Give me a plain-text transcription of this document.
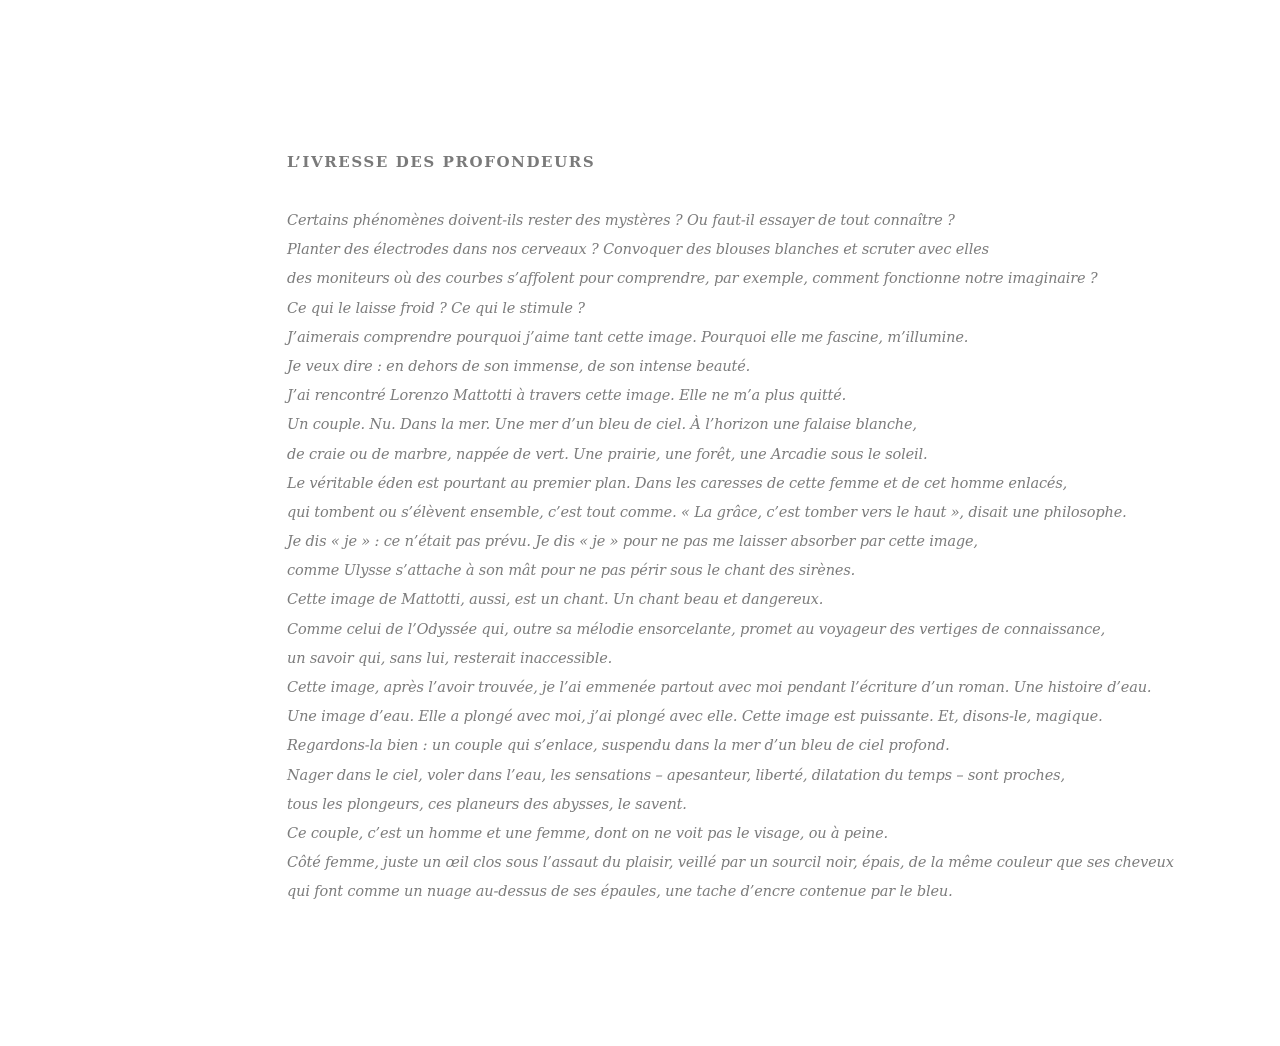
L’IVRESSE DES PROFONDEURS
Certains phénomènes doivent-ils rester des mystères ? Ou faut-il essayer de tout connaître ?
Planter des électrodes dans nos cerveaux ? Convoquer des blouses blanches et scruter avec elles
des moniteurs où des courbes s’affolent pour comprendre, par exemple, comment fonctionne notre imaginaire ?
Ce qui le laisse froid ? Ce qui le stimule ?
J’aimerais comprendre pourquoi j’aime tant cette image. Pourquoi elle me fascine, m’illumine.
Je veux dire : en dehors de son immense, de son intense beauté.
J’ai rencontré Lorenzo Mattotti à travers cette image. Elle ne m’a plus quitté.
Un couple. Nu. Dans la mer. Une mer d’un bleu de ciel. À l’horizon une falaise blanche,
de craie ou de marbre, nappée de vert. Une prairie, une forêt, une Arcadie sous le soleil.
Le véritable éden est pourtant au premier plan. Dans les caresses de cette femme et de cet homme enlacés,
qui tombent ou s’élèvent ensemble, c’est tout comme. « La grâce, c’est tomber vers le haut », disait une philosophe.
Je dis « je » : ce n’était pas prévu. Je dis « je » pour ne pas me laisser absorber par cette image,
comme Ulysse s’attache à son mât pour ne pas périr sous le chant des sirènes.
Cette image de Mattotti, aussi, est un chant. Un chant beau et dangereux.
Comme celui de l’Odyssée qui, outre sa mélodie ensorcelante, promet au voyageur des vertiges de connaissance,
un savoir qui, sans lui, resterait inaccessible.
Cette image, après l’avoir trouvée, je l’ai emmenée partout avec moi pendant l’écriture d’un roman. Une histoire d’eau.
Une image d’eau. Elle a plongé avec moi, j’ai plongé avec elle. Cette image est puissante. Et, disons-le, magique.
Regardons-la bien : un couple qui s’enlace, suspendu dans la mer d’un bleu de ciel profond.
Nager dans le ciel, voler dans l’eau, les sensations – apesanteur, liberté, dilatation du temps – sont proches,
tous les plongeurs, ces planeurs des abysses, le savent.
Ce couple, c’est un homme et une femme, dont on ne voit pas le visage, ou à peine.
Côté femme, juste un œil clos sous l’assaut du plaisir, veillé par un sourcil noir, épais, de la même couleur que ses cheveux
qui font comme un nuage au-dessus de ses épaules, une tache d’encre contenue par le bleu.
